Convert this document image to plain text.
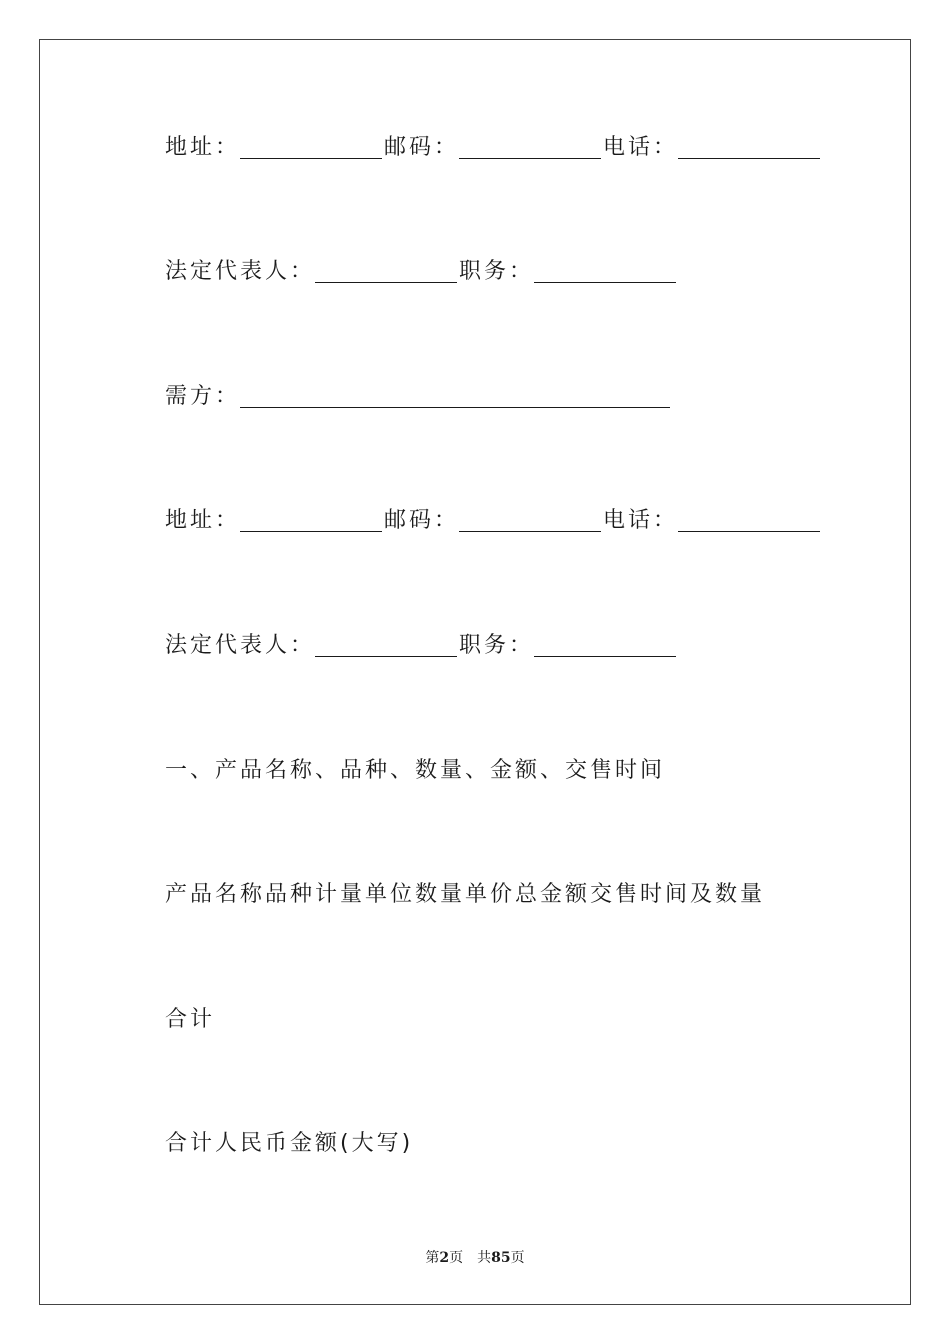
地址：	邮码：	电话：
法定代表人：	职务：
需方：
地址：	邮码：	电话：
法定代表人：	职务：
一、产品名称、品种、数量、金额、交售时间
产品名称品种计量单位数量单价总金额交售时间及数量
合计
合计人民币金额(大写)
第2页 共85页
